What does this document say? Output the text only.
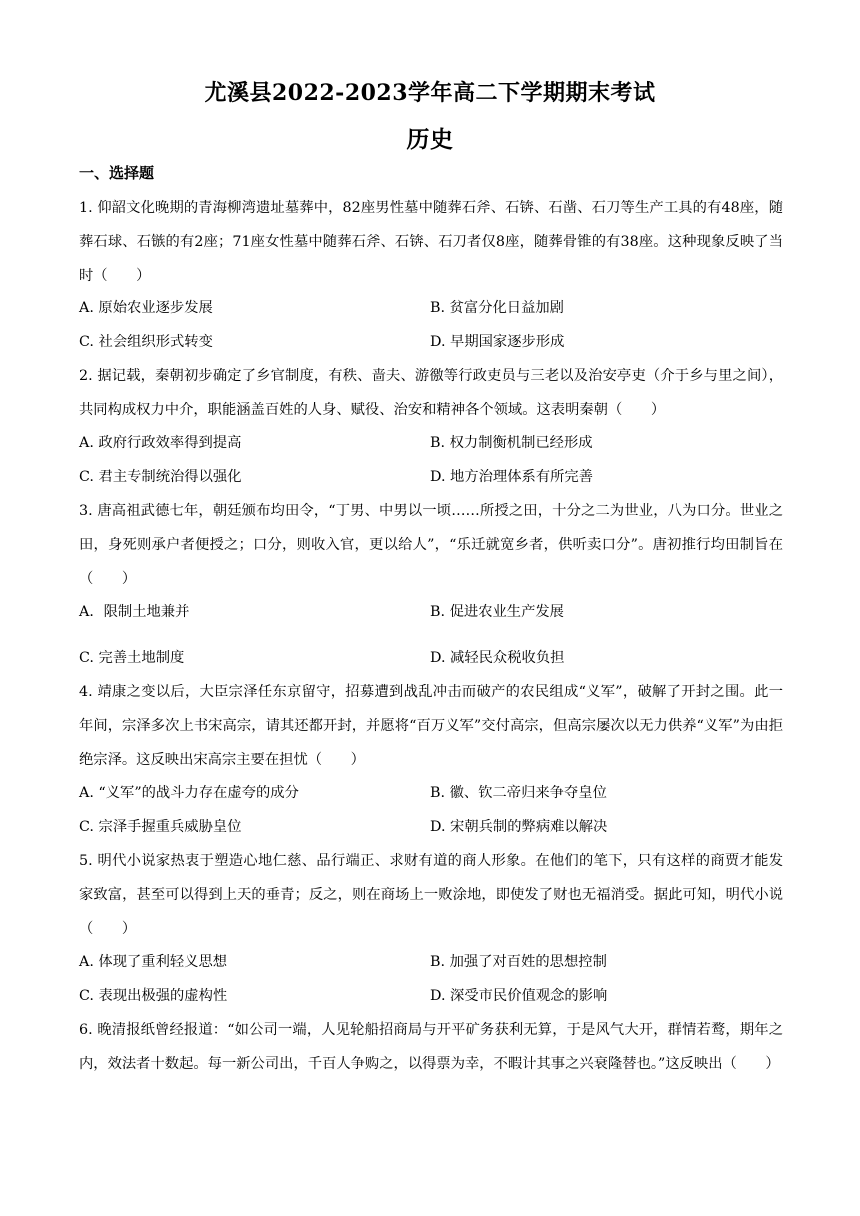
尤溪县2022-2023学年高二下学期期末考试
历史
一、选择题
1. 仰韶文化晚期的青海柳湾遗址墓葬中，82座男性墓中随葬石斧、石锛、石凿、石刀等生产工具的有48座，随葬石球、石镞的有2座；71座女性墓中随葬石斧、石锛、石刀者仅8座，随葬骨锥的有38座。这种现象反映了当时（　　）
A. 原始农业逐步发展	B. 贫富分化日益加剧
C. 社会组织形式转变	D. 早期国家逐步形成
2. 据记载，秦朝初步确定了乡官制度，有秩、啬夫、游徼等行政吏员与三老以及治安亭吏（介于乡与里之间），共同构成权力中介，职能涵盖百姓的人身、赋役、治安和精神各个领域。这表明秦朝（　　）
A. 政府行政效率得到提高	B. 权力制衡机制已经形成
C. 君主专制统治得以强化	D. 地方治理体系有所完善
3. 唐高祖武德七年，朝廷颁布均田令，“丁男、中男以一顷……所授之田，十分之二为世业，八为口分。世业之田，身死则承户者便授之；口分，则收入官，更以给人”，“乐迁就宽乡者，供听卖口分”。唐初推行均田制旨在（　　）
A．限制土地兼并	B. 促进农业生产发展
C. 完善土地制度	D. 减轻民众税收负担
4. 靖康之变以后，大臣宗泽任东京留守，招募遭到战乱冲击而破产的农民组成“义军”，破解了开封之围。此一年间，宗泽多次上书宋高宗，请其还都开封，并愿将“百万义军”交付高宗，但高宗屡次以无力供养“义军”为由拒绝宗泽。这反映出宋高宗主要在担忧（　　）
A. “义军”的战斗力存在虚夸的成分	B. 徽、钦二帝归来争夺皇位
C. 宗泽手握重兵威胁皇位	D. 宋朝兵制的弊病难以解决
5. 明代小说家热衷于塑造心地仁慈、品行端正、求财有道的商人形象。在他们的笔下，只有这样的商贾才能发家致富，甚至可以得到上天的垂青；反之，则在商场上一败涂地，即使发了财也无福消受。据此可知，明代小说（　　）
A. 体现了重利轻义思想	B. 加强了对百姓的思想控制
C. 表现出极强的虚构性	D. 深受市民价值观念的影响
6. 晚清报纸曾经报道：“如公司一端，人见轮船招商局与开平矿务获利无算，于是风气大开，群情若鹜，期年之内，效法者十数起。每一新公司出，千百人争购之，以得票为幸，不暇计其事之兴衰隆替也。”这反映出（　　）
